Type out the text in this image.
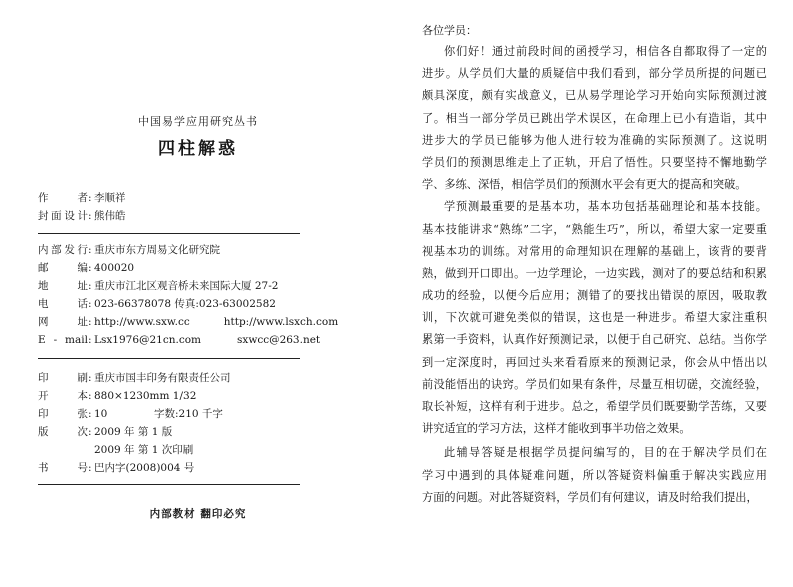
中国易学应用研究丛书
四柱解惑
作者: 李顺祥
封面设计: 熊伟皓
内部发行: 重庆市东方周易文化研究院
邮编: 400020
地址: 重庆市江北区观音桥未来国际大厦 27-2
电话: 023-66378078 传真:023-63002582
网址: http://www.sxw.cc	http://www.lsxch.com
E - mail: Lsx1976@21cn.com	sxwcc@263.net
印刷: 重庆市国丰印务有限责任公司
开本: 880×1230mm 1/32
印张: 10	字数:210 千字
版次: 2009 年 第 1 版
2009 年 第 1 次印刷
书号: 巴内字(2008)004 号
内部教材 翻印必究
各位学员：
你们好！通过前段时间的函授学习，相信各自都取得了一定的
进步。从学员们大量的质疑信中我们看到，部分学员所提的问题已
颇具深度，颇有实战意义，已从易学理论学习开始向实际预测过渡
了。相当一部分学员已跳出学术误区，在命理上已小有造诣，其中
进步大的学员已能够为他人进行较为准确的实际预测了。这说明
学员们的预测思维走上了正轨，开启了悟性。只要坚持不懈地勤学
学、多练、深悟，相信学员们的预测水平会有更大的提高和突破。
学预测最重要的是基本功，基本功包括基础理论和基本技能。
基本技能讲求“熟练”二字，“熟能生巧”，所以，希望大家一定要重
视基本功的训练。对常用的命理知识在理解的基础上，该背的要背
熟，做到开口即出。一边学理论，一边实践，测对了的要总结和积累
成功的经验，以便今后应用；测错了的要找出错误的原因，吸取教
训，下次就可避免类似的错误，这也是一种进步。希望大家注重积
累第一手资料，认真作好预测记录，以便于自己研究、总结。当你学
到一定深度时，再回过头来看看原来的预测记录，你会从中悟出以
前没能悟出的诀窍。学员们如果有条件，尽量互相切磋，交流经验，
取长补短，这样有利于进步。总之，希望学员们既要勤学苦练，又要
讲究适宜的学习方法，这样才能收到事半功倍之效果。
此辅导答疑是根据学员提问编写的，目的在于解决学员们在
学习中遇到的具体疑难问题，所以答疑资料偏重于解决实践应用
方面的问题。对此答疑资料，学员们有何建议，请及时给我们提出，
